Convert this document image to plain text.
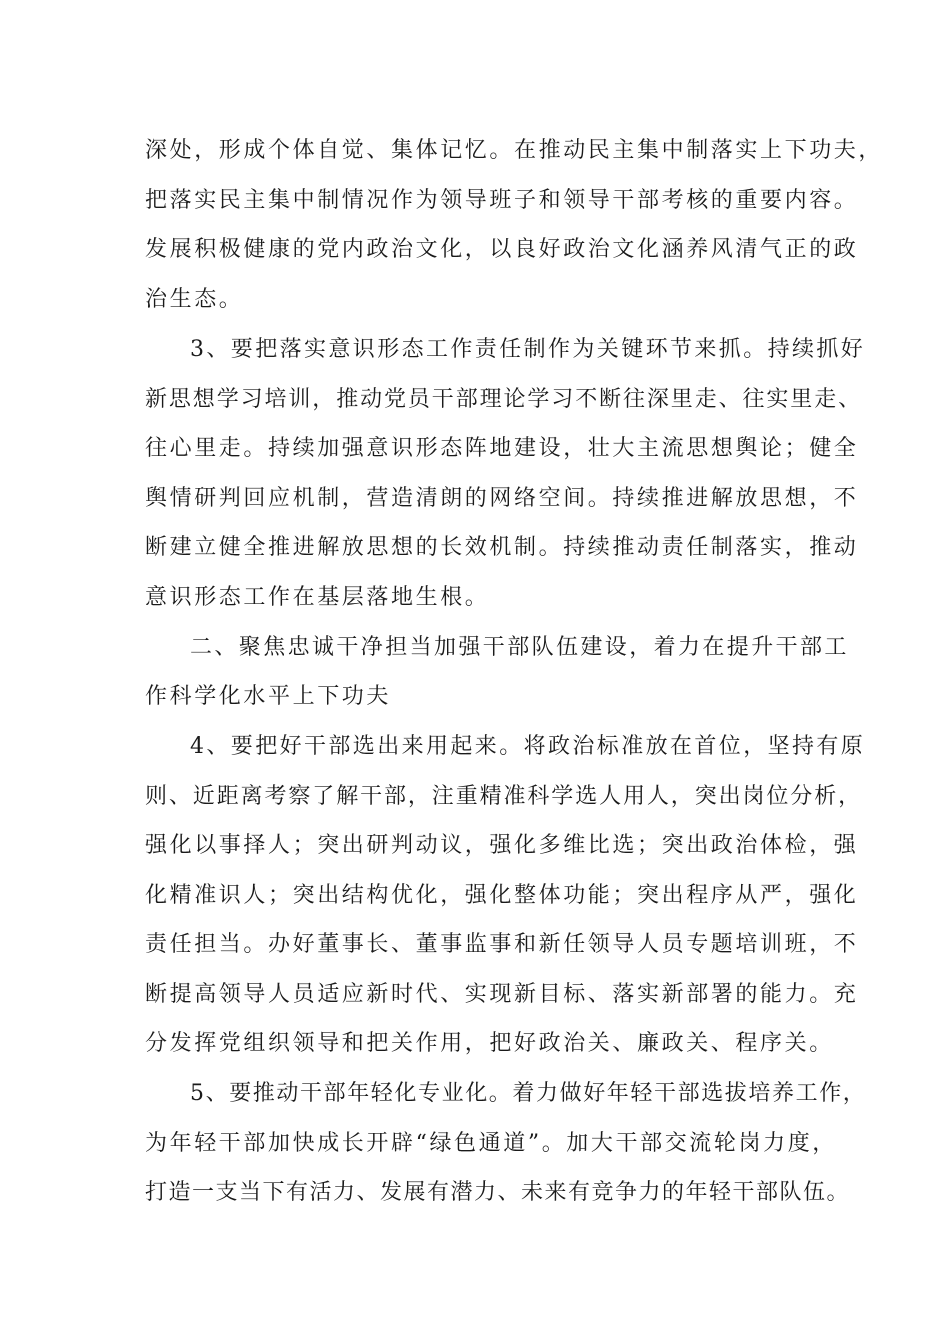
深处，形成个体自觉、集体记忆。在推动民主集中制落实上下功夫，
把落实民主集中制情况作为领导班子和领导干部考核的重要内容。
发展积极健康的党内政治文化，以良好政治文化涵养风清气正的政
治生态。
3、要把落实意识形态工作责任制作为关键环节来抓。持续抓好
新思想学习培训，推动党员干部理论学习不断往深里走、往实里走、
往心里走。持续加强意识形态阵地建设，壮大主流思想舆论；健全
舆情研判回应机制，营造清朗的网络空间。持续推进解放思想，不
断建立健全推进解放思想的长效机制。持续推动责任制落实，推动
意识形态工作在基层落地生根。
二、聚焦忠诚干净担当加强干部队伍建设，着力在提升干部工
作科学化水平上下功夫
4、要把好干部选出来用起来。将政治标准放在首位，坚持有原
则、近距离考察了解干部，注重精准科学选人用人，突出岗位分析，
强化以事择人；突出研判动议，强化多维比选；突出政治体检，强
化精准识人；突出结构优化，强化整体功能；突出程序从严，强化
责任担当。办好董事长、董事监事和新任领导人员专题培训班，不
断提高领导人员适应新时代、实现新目标、落实新部署的能力。充
分发挥党组织领导和把关作用，把好政治关、廉政关、程序关。
5、要推动干部年轻化专业化。着力做好年轻干部选拔培养工作，
为年轻干部加快成长开辟“绿色通道”。加大干部交流轮岗力度，
打造一支当下有活力、发展有潜力、未来有竞争力的年轻干部队伍。
